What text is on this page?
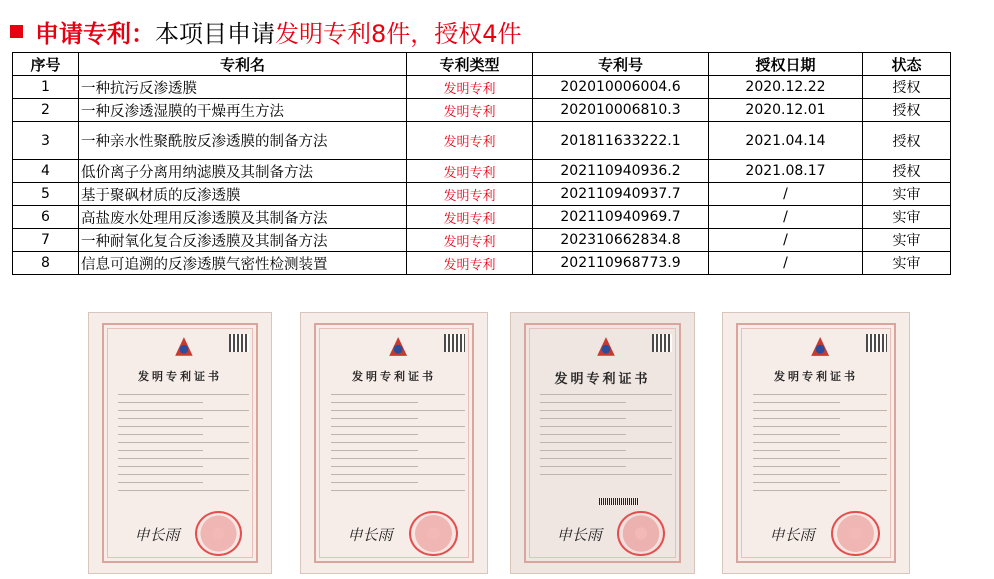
申请专利： 本项目申请 发明专利8件，授权4件
序号	专利名	专利类型	专利号	授权日期	状态
1	一种抗污反渗透膜	发明专利	202010006004.6	2020.12.22	授权
2	一种反渗透湿膜的干燥再生方法	发明专利	202010006810.3	2020.12.01	授权
3	一种亲水性聚酰胺反渗透膜的制备方法	发明专利	201811633222.1	2021.04.14	授权
4	低价离子分离用纳滤膜及其制备方法	发明专利	202110940936.2	2021.08.17	授权
5	基于聚砜材质的反渗透膜	发明专利	202110940937.7	/	实审
6	高盐废水处理用反渗透膜及其制备方法	发明专利	202110940969.7	/	实审
7	一种耐氧化复合反渗透膜及其制备方法	发明专利	202310662834.8	/	实审
8	信息可追溯的反渗透膜气密性检测装置	发明专利	202110968773.9	/	实审
发明专利证书
申长雨
发明专利证书
申长雨
发明专利证书
申长雨
发明专利证书
申长雨
